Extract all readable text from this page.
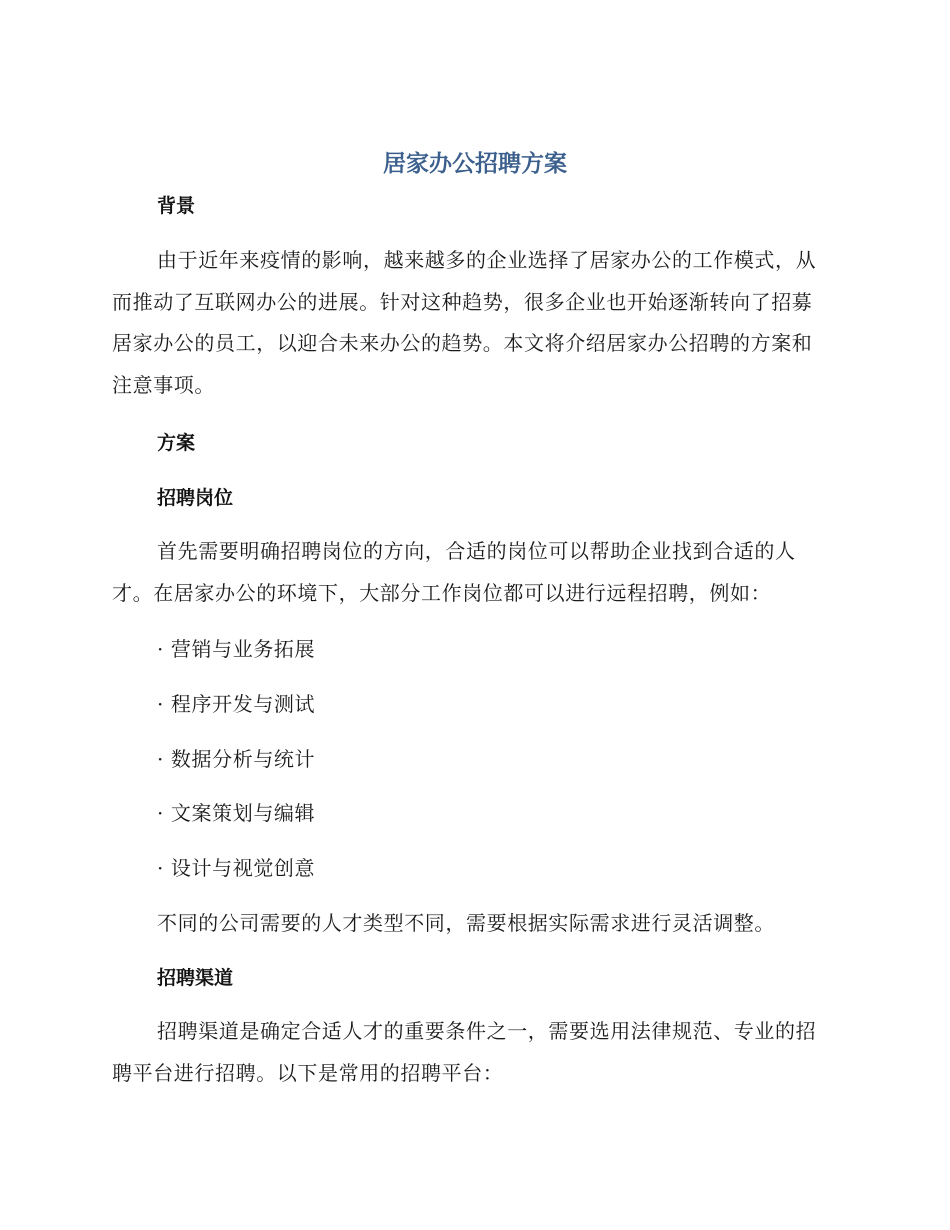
居家办公招聘方案
背景
由于近年来疫情的影响，越来越多的企业选择了居家办公的工作模式，从而推动了互联网办公的进展。针对这种趋势，很多企业也开始逐渐转向了招募居家办公的员工，以迎合未来办公的趋势。本文将介绍居家办公招聘的方案和注意事项。
方案
招聘岗位
首先需要明确招聘岗位的方向，合适的岗位可以帮助企业找到合适的人才。在居家办公的环境下，大部分工作岗位都可以进行远程招聘，例如：
· 营销与业务拓展
· 程序开发与测试
· 数据分析与统计
· 文案策划与编辑
· 设计与视觉创意
不同的公司需要的人才类型不同，需要根据实际需求进行灵活调整。
招聘渠道
招聘渠道是确定合适人才的重要条件之一，需要选用法律规范、专业的招聘平台进行招聘。以下是常用的招聘平台：
